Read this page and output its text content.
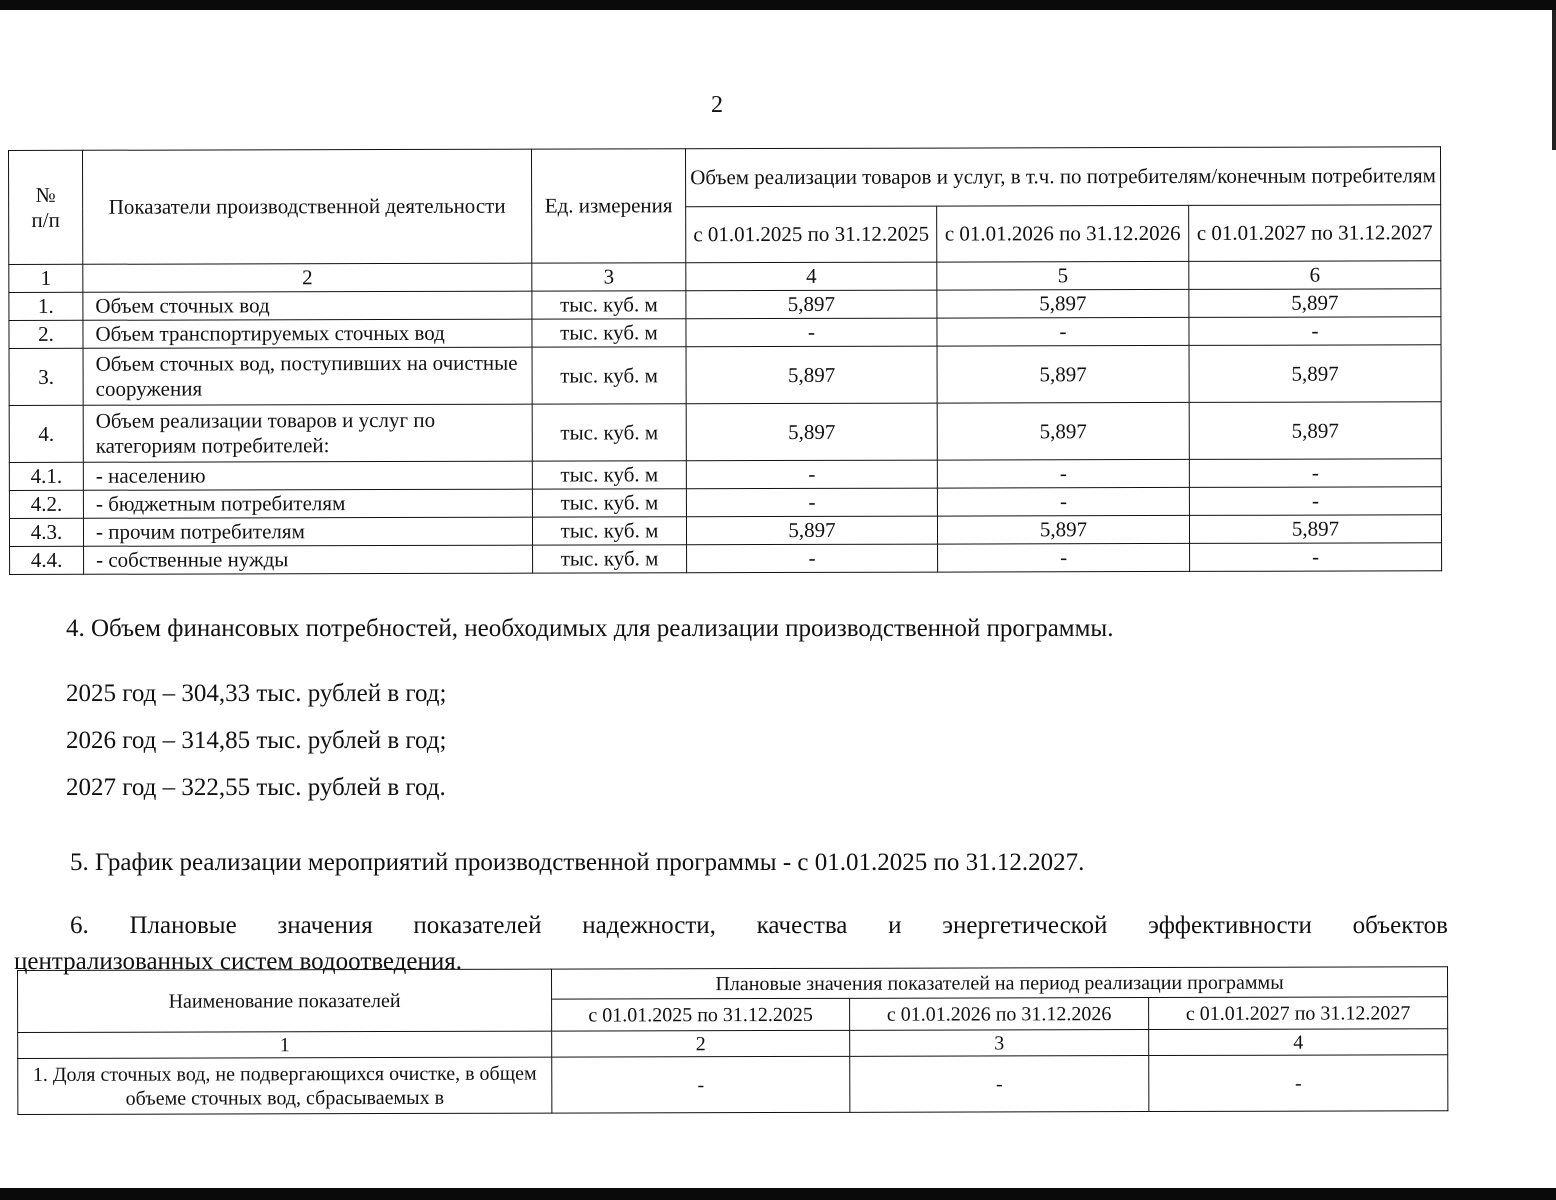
2
№
п/п	Показатели производственной деятельности	Ед. измерения	Объем реализации товаров и услуг, в т.ч. по потребителям/конечным потребителям		
			с 01.01.2025 по 31.12.2025	с 01.01.2026 по 31.12.2026	с 01.01.2027 по 31.12.2027
1	2	3	4	5	6
1.	Объем сточных вод	тыс. куб. м	5,897	5,897	5,897
2.	Объем транспортируемых сточных вод	тыс. куб. м	-	-	-
3.	Объем сточных вод, поступивших на очистные сооружения	тыс. куб. м	5,897	5,897	5,897
4.	Объем реализации товаров и услуг по категориям потребителей:	тыс. куб. м	5,897	5,897	5,897
4.1.	- населению	тыс. куб. м	-	-	-
4.2.	- бюджетным потребителям	тыс. куб. м	-	-	-
4.3.	- прочим потребителям	тыс. куб. м	5,897	5,897	5,897
4.4.	- собственные нужды	тыс. куб. м	-	-	-
4. Объем финансовых потребностей, необходимых для реализации производственной программы.
2025 год – 304,33 тыс. рублей в год;
2026 год – 314,85 тыс. рублей в год;
2027 год – 322,55 тыс. рублей в год.
5. График реализации мероприятий производственной программы - с 01.01.2025 по 31.12.2027.
6. Плановые значения показателей надежности, качества и энергетической эффективности объектов
централизованных систем водоотведения.
Наименование показателей	Плановые значения показателей на период реализации программы		
	с 01.01.2025 по 31.12.2025	с 01.01.2026 по 31.12.2026	с 01.01.2027 по 31.12.2027
1	2	3	4
1. Доля сточных вод, не подвергающихся очистке, в общем объеме сточных вод, сбрасываемых в	-	-	-
